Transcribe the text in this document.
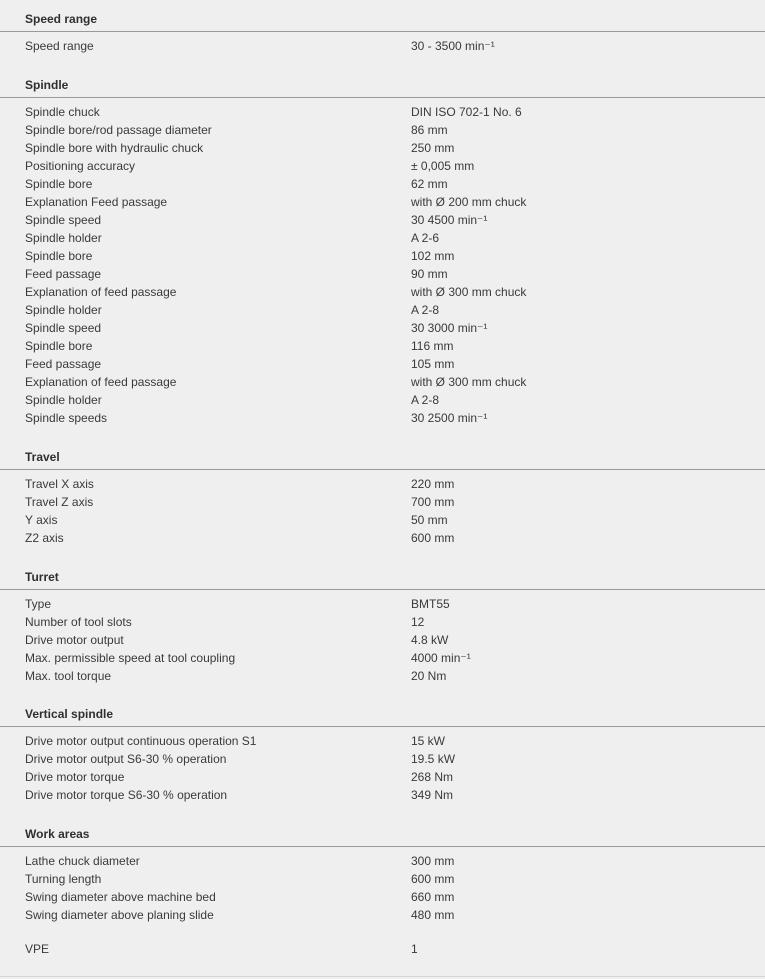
Speed range
Speed range	30 - 3500 min⁻¹
Spindle
Spindle chuck	DIN ISO 702-1 No. 6
Spindle bore/rod passage diameter	86 mm
Spindle bore with hydraulic chuck	250 mm
Positioning accuracy	± 0,005 mm
Spindle bore	62 mm
Explanation Feed passage	with Ø 200 mm chuck
Spindle speed	30 4500 min⁻¹
Spindle holder	A 2-6
Spindle bore	102 mm
Feed passage	90 mm
Explanation of feed passage	with Ø 300 mm chuck
Spindle holder	A 2-8
Spindle speed	30 3000 min⁻¹
Spindle bore	116 mm
Feed passage	105 mm
Explanation of feed passage	with Ø 300 mm chuck
Spindle holder	A 2-8
Spindle speeds	30 2500 min⁻¹
Travel
Travel X axis	220 mm
Travel Z axis	700 mm
Y axis	50 mm
Z2 axis	600 mm
Turret
Type	BMT55
Number of tool slots	12
Drive motor output	4.8 kW
Max. permissible speed at tool coupling	4000 min⁻¹
Max. tool torque	20 Nm
Vertical spindle
Drive motor output continuous operation S1	15 kW
Drive motor output S6-30 % operation	19.5 kW
Drive motor torque	268 Nm
Drive motor torque S6-30 % operation	349 Nm
Work areas
Lathe chuck diameter	300 mm
Turning length	600 mm
Swing diameter above machine bed	660 mm
Swing diameter above planing slide	480 mm
VPE	1
